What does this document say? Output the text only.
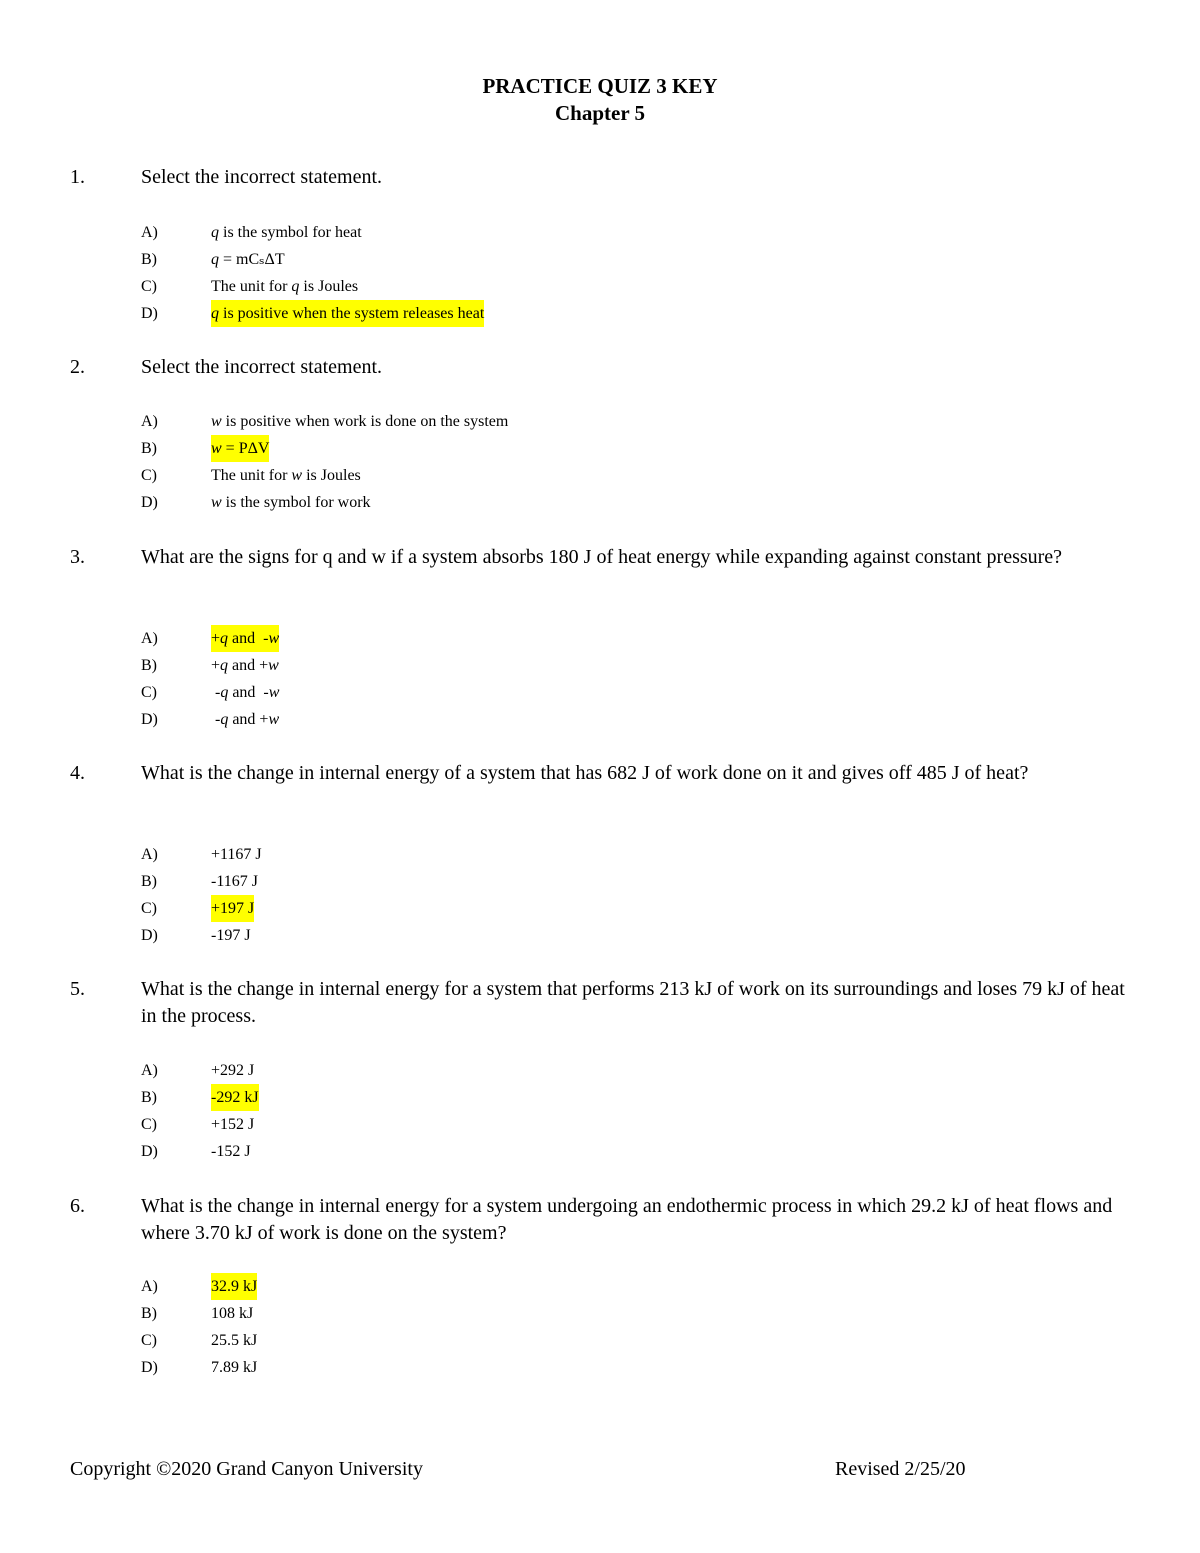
PRACTICE QUIZ 3 KEY
Chapter 5
1.	Select the incorrect statement.
A)	q is the symbol for heat
B)	q = mCₛΔT
C)	The unit for q is Joules
D)	q is positive when the system releases heat
2.	Select the incorrect statement.
A)	w is positive when work is done on the system
B)	w = PΔV
C)	The unit for w is Joules
D)	w is the symbol for work
3.	What are the signs for q and w if a system absorbs 180 J of heat energy while expanding against constant pressure?
A)	+q and  -w
B)	+q and +w
C)	-q and  -w
D)	-q and +w
4.	What is the change in internal energy of a system that has 682 J of work done on it and gives off 485 J of heat?
A)	+1167 J
B)	-1167 J
C)	+197 J
D)	-197 J
5.	What is the change in internal energy for a system that performs 213 kJ of work on its surroundings and loses 79 kJ of heat in the process.
A)	+292 J
B)	-292 kJ
C)	+152 J
D)	-152 J
6.	What is the change in internal energy for a system undergoing an endothermic process in which 29.2 kJ of heat flows and where 3.70 kJ of work is done on the system?
A)	32.9 kJ
B)	108 kJ
C)	25.5 kJ
D)	7.89 kJ
Copyright ©2020 Grand Canyon University	Revised 2/25/20
